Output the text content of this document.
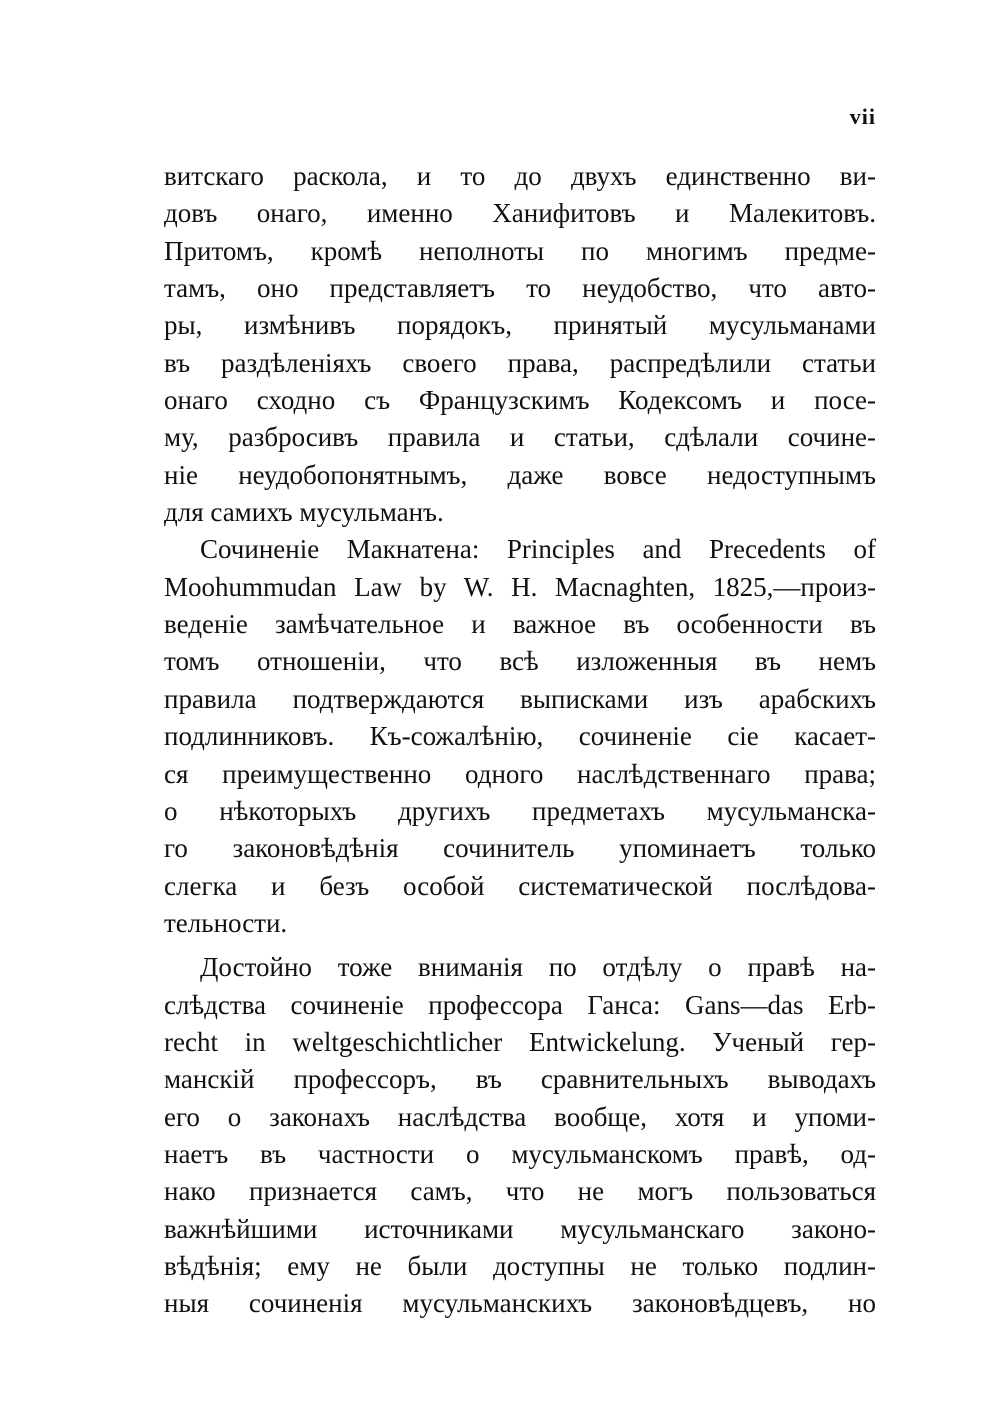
vii
витскаго раскола, и то до двухъ единственно ви-
довъ онаго, именно Ханифитовъ и Малекитовъ.
Притомъ, кромѣ неполноты по многимъ предме-
тамъ, оно представляетъ то неудобство, что авто-
ры, измѣнивъ порядокъ, принятый мусульманами
въ раздѣленіяхъ своего права, распредѣлили статьи
онаго сходно съ Французскимъ Кодексомъ и посе-
му, разбросивъ правила и статьи, сдѣлали сочине-
ніе неудобопонятнымъ, даже вовсе недоступнымъ
для самихъ мусульманъ.
Сочиненіе Макнатена: Principles and Precedents of
Moohummudan Law by W. H. Macnaghten, 1825,—произ-
веденіе замѣчательное и важное въ особенности въ
томъ отношеніи, что всѣ изложенныя въ немъ
правила подтверждаются выписками изъ арабскихъ
подлинниковъ. Къ-сожалѣнію, сочиненіе сіе касает-
ся преимущественно одного наслѣдственнаго права;
о нѣкоторыхъ другихъ предметахъ мусульманска-
го законовѣдѣнія сочинитель упоминаетъ только
слегка и безъ особой систематической послѣдова-
тельности.
Достойно тоже вниманія по отдѣлу о правѣ на-
слѣдства сочиненіе профессора Ганса: Gans—das Erb-
recht in weltgeschichtlicher Entwickelung. Ученый гер-
манскій профессоръ, въ сравнительныхъ выводахъ
его о законахъ наслѣдства вообще, хотя и упоми-
наетъ въ частности о мусульманскомъ правѣ, од-
нако признается самъ, что не могъ пользоваться
важнѣйшими источниками мусульманскаго законо-
вѣдѣнія; ему не были доступны не только подлин-
ныя сочиненія мусульманскихъ законовѣдцевъ, но
